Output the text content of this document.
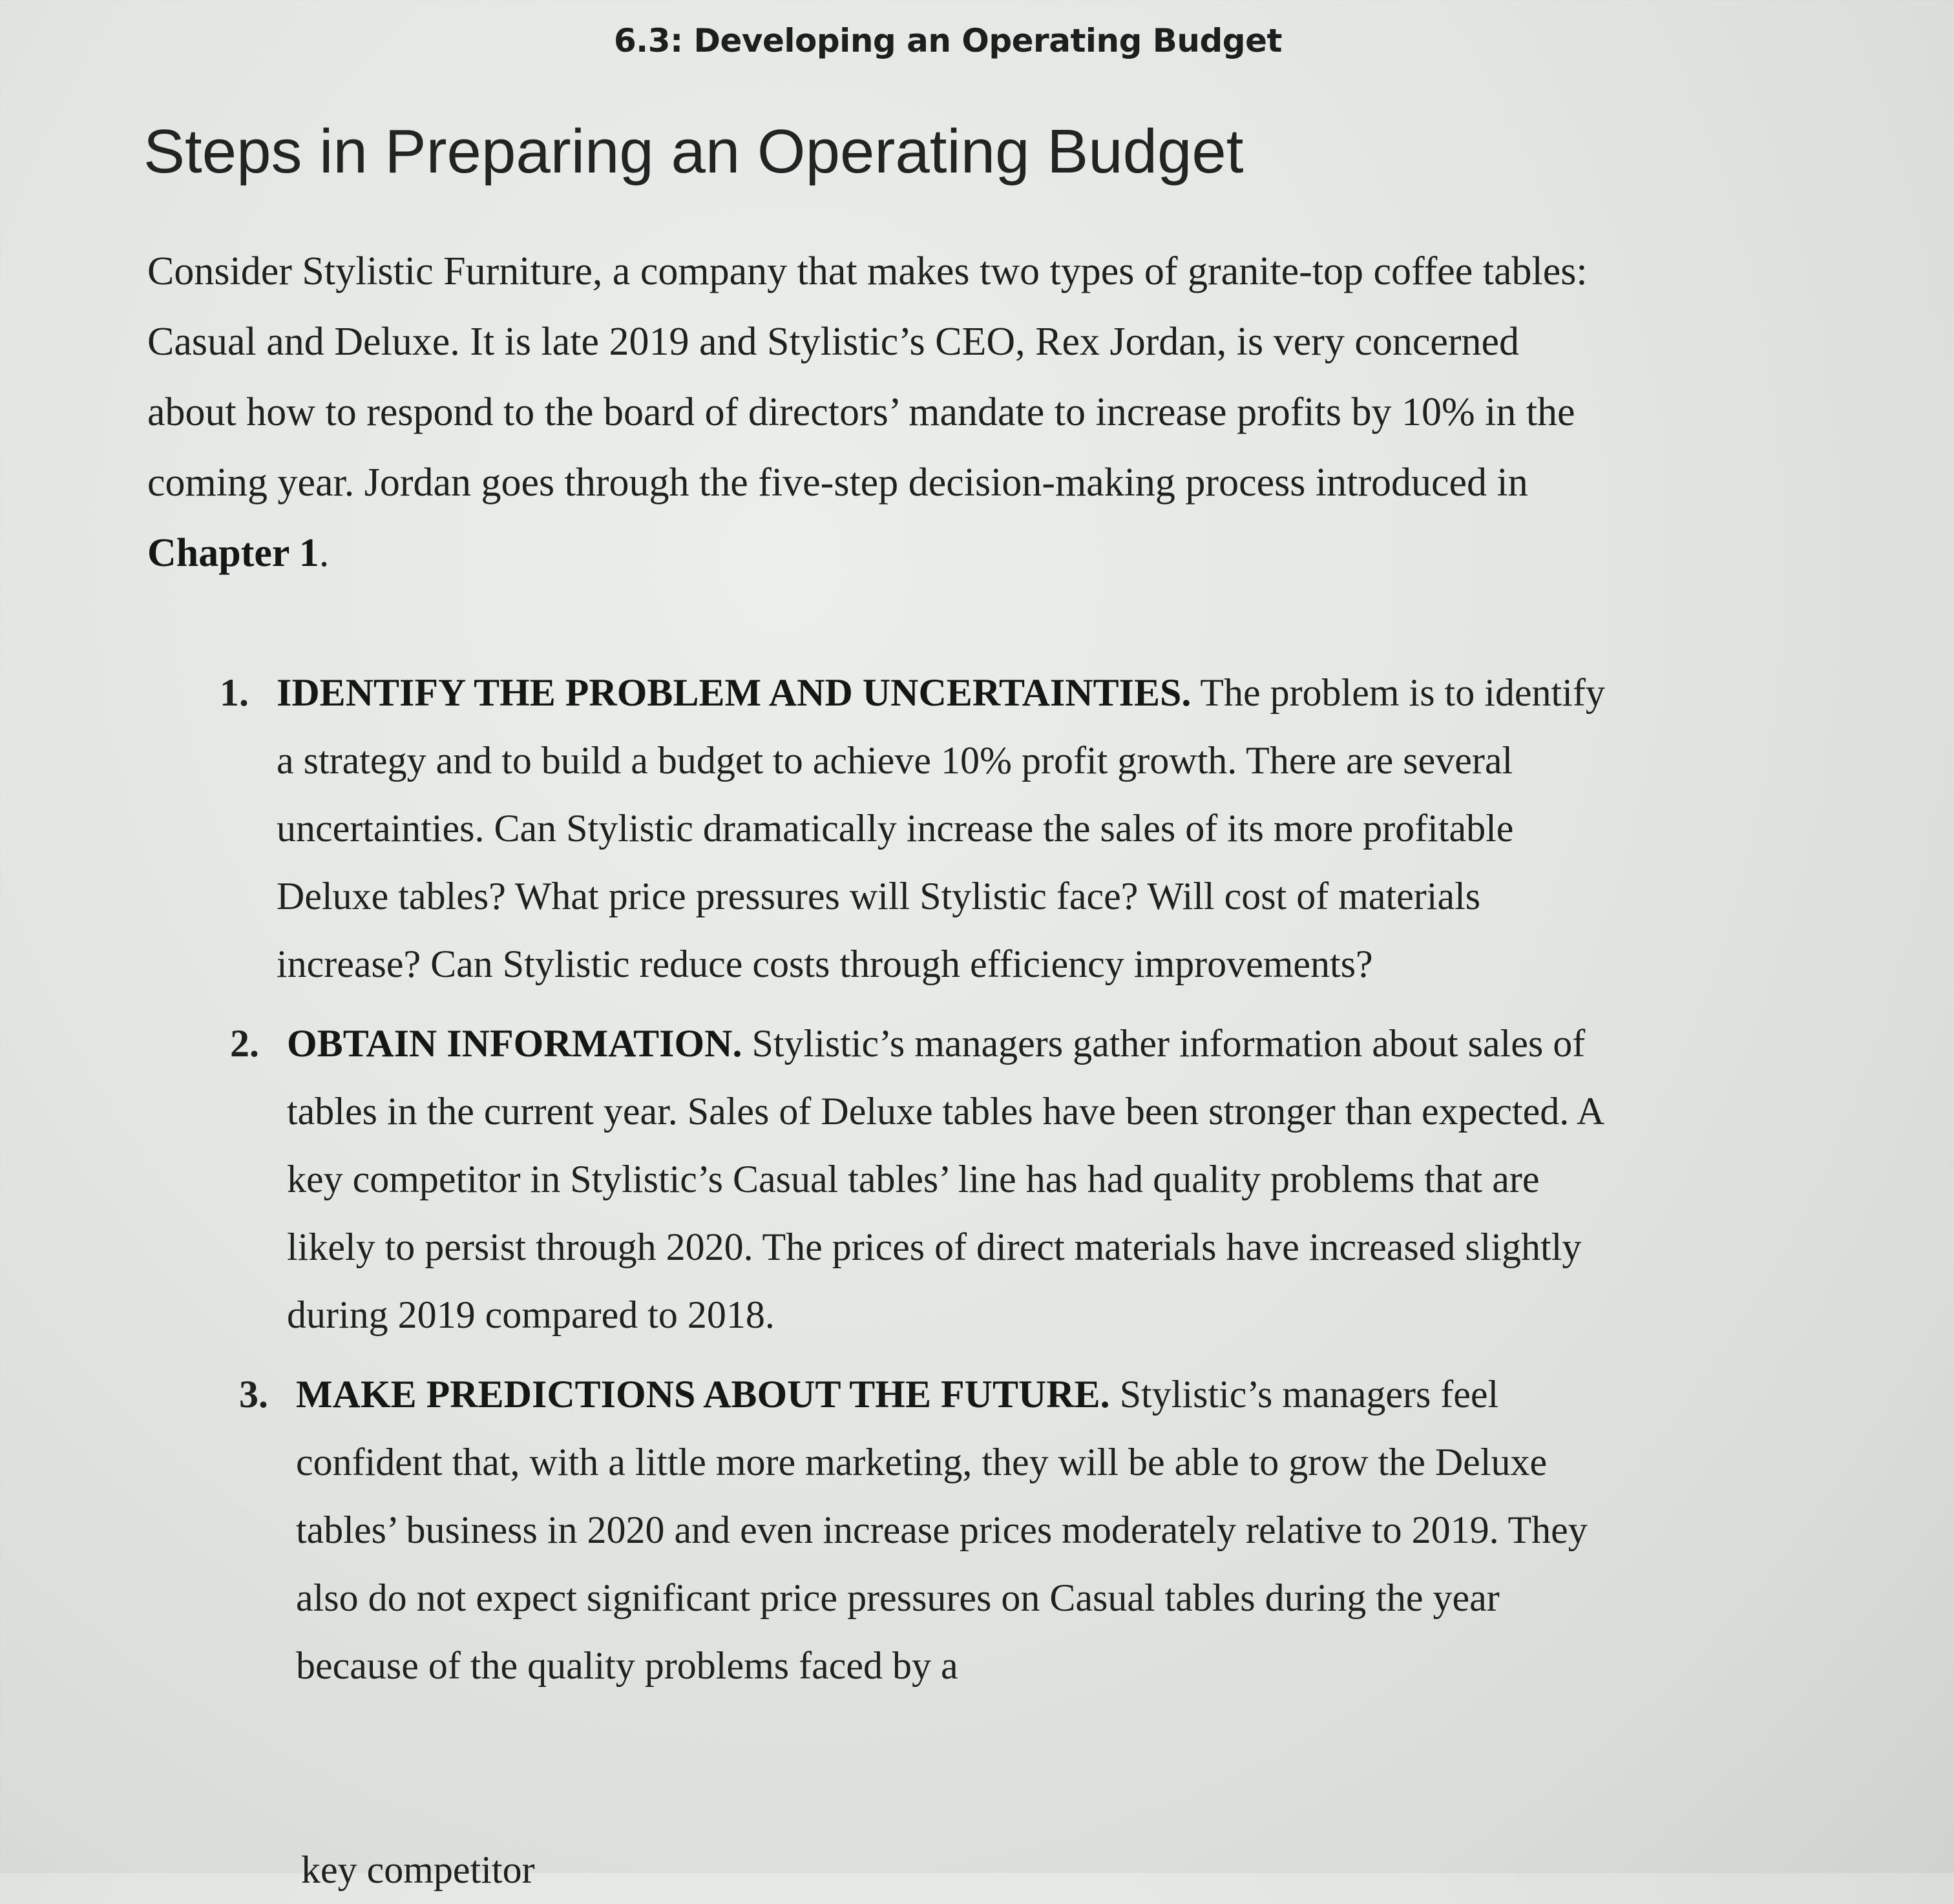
6.3: Developing an Operating Budget
Steps in Preparing an Operating Budget

Consider Stylistic Furniture, a company that makes two types of granite-top coffee tables: Casual and Deluxe. It is late 2019 and Stylistic’s CEO, Rex Jordan, is very concerned about how to respond to the board of directors’ mandate to increase profits by 10% in the coming year. Jordan goes through the five-step decision-making process introduced in Chapter 1.

1. IDENTIFY THE PROBLEM AND UNCERTAINTIES. The problem is to identify a strategy and to build a budget to achieve 10% profit growth. There are several uncertainties. Can Stylistic dramatically increase the sales of its more profitable Deluxe tables? What price pressures will Stylistic face? Will cost of materials increase? Can Stylistic reduce costs through efficiency improvements?
2. OBTAIN INFORMATION. Stylistic’s managers gather information about sales of tables in the current year. Sales of Deluxe tables have been stronger than expected. A key competitor in Stylistic’s Casual tables’ line has had quality problems that are likely to persist through 2020. The prices of direct materials have increased slightly during 2019 compared to 2018.
3. MAKE PREDICTIONS ABOUT THE FUTURE. Stylistic’s managers feel confident that, with a little more marketing, they will be able to grow the Deluxe tables’ business in 2020 and even increase prices moderately relative to 2019. They also do not expect significant price pressures on Casual tables during the year because of the quality problems faced by a
key competitor
